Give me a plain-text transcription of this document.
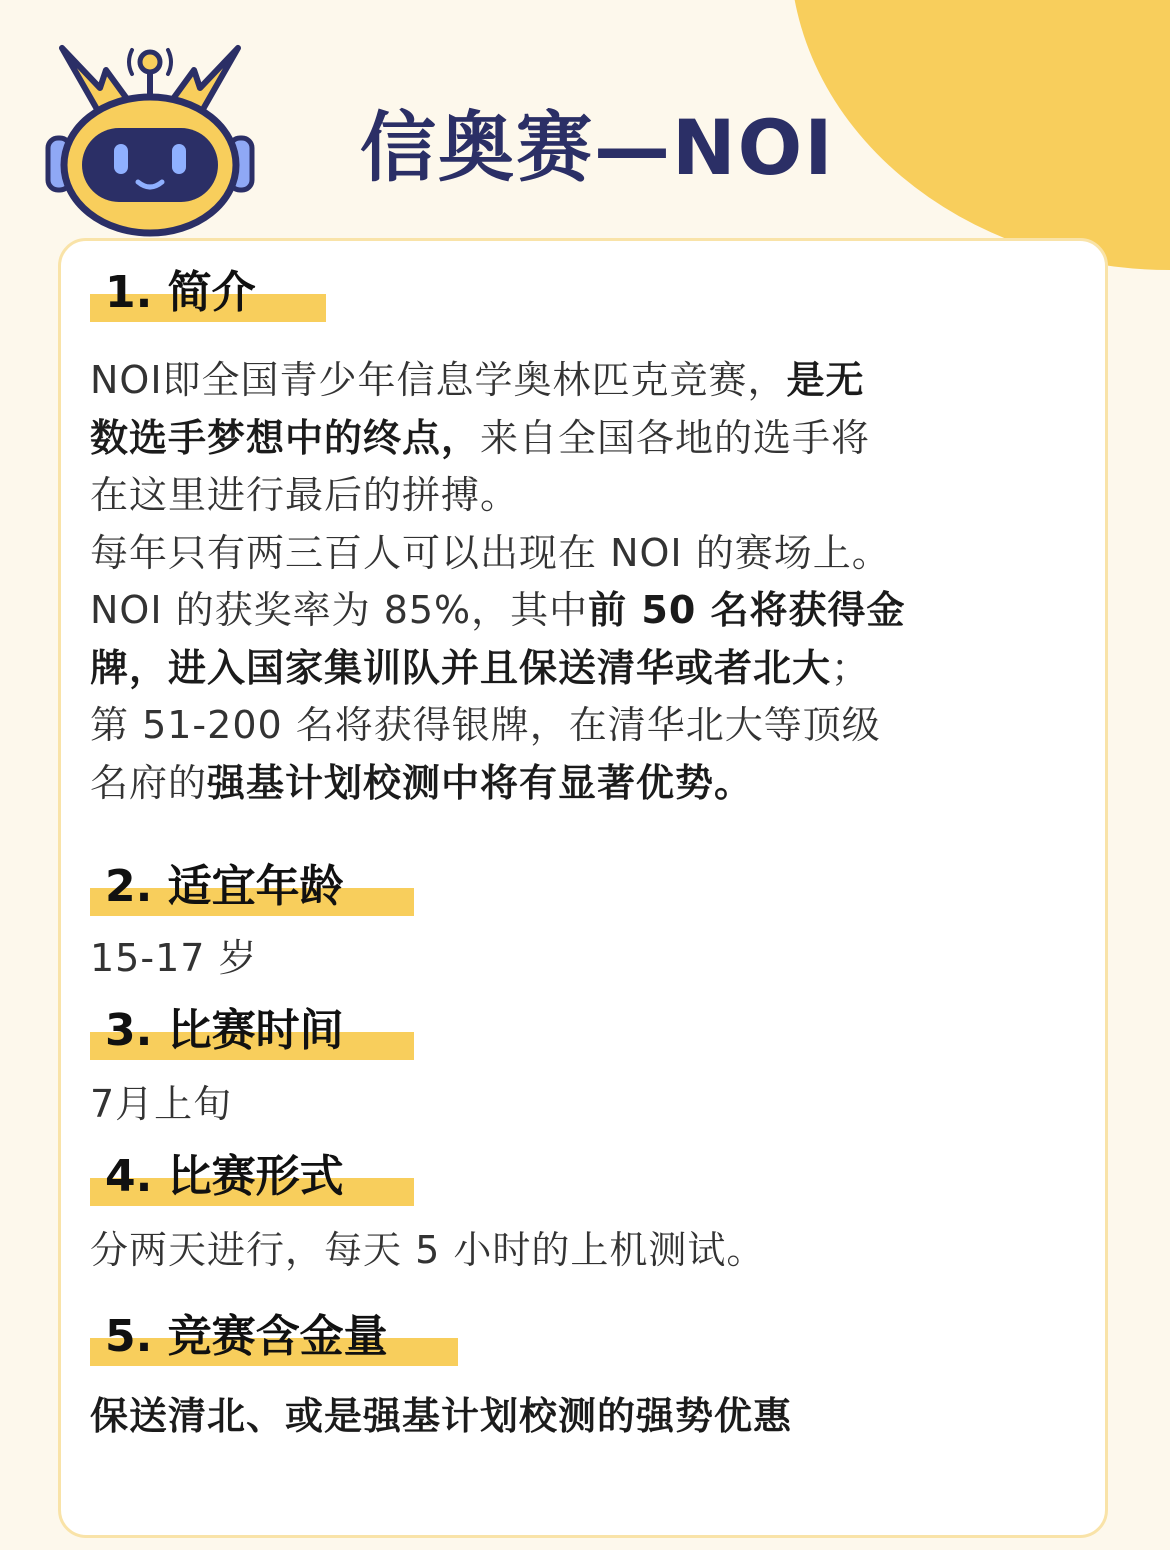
信奥赛—NOI
1. 简介
NOI即全国青少年信息学奥林匹克竞赛，是无
数选手梦想中的终点，来自全国各地的选手将
在这里进行最后的拼搏。
每年只有两三百人可以出现在 NOI 的赛场上。
NOI 的获奖率为 85%，其中前 50 名将获得金
牌，进入国家集训队并且保送清华或者北大；
第 51-200 名将获得银牌，在清华北大等顶级
名府的强基计划校测中将有显著优势。
2. 适宜年龄
15-17 岁
3. 比赛时间
7月上旬
4. 比赛形式
分两天进行，每天 5 小时的上机测试。
5. 竞赛含金量
保送清北、或是强基计划校测的强势优惠
